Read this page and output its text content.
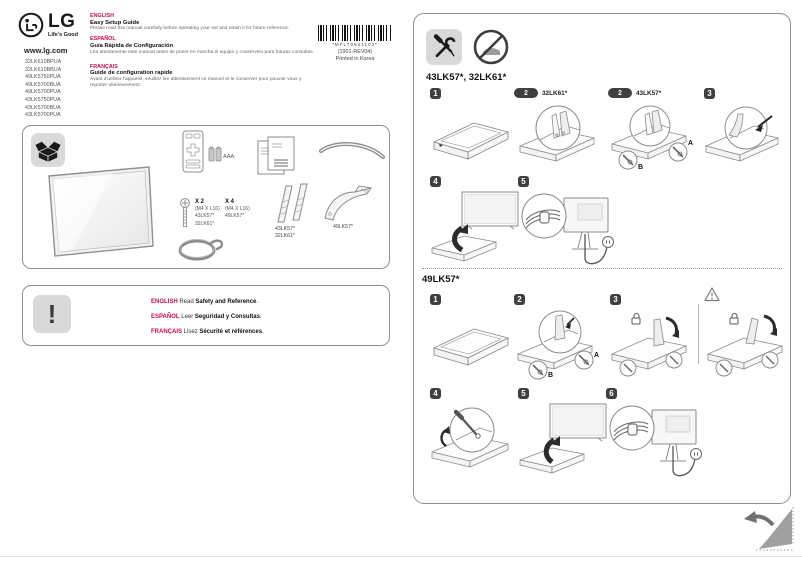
LG
Life's Good
www.lg.com
32LK610BPUA
32LK610BBUA
49LK5750PUA
49LK5700BUA
49LK5700PUA
43LK5750PUA
43LK5700BUA
43LK5700PUA
ENGLISH
Easy Setup Guide
Please read this manual carefully before operating your set and retain it for future reference.
ESPAÑOL
Guía Rápida de Configuración
Lea atentamente este manual antes de poner en marcha el equipo y consérvelo para futuras consultas.
FRANÇAIS
Guide de configuration rapide
Avant d'utiliser l'appareil, veuillez lire attentivement ce manuel et le conserver pour pouvoir vous y reporter ultérieurement.
*MFL70541103*
(1901-REV04)
Printed in Korea
AAA
X 2
(M4 X L16)
43LK57*
32LK61*
X 4
(M4 X L16)
49LK57*
43LK57*
32LK61*
49LK57*
!	ENGLISH Read Safety and Reference.
ESPAÑOL Leer Seguridad y Consultas.
FRANÇAIS Lisez Sécurité et références.
43LK57*, 32LK61*
1	2	32LK61*	2	43LK57*
A
B
3
4	5
49LK57*
1	2
A
B
3
4	5	6
